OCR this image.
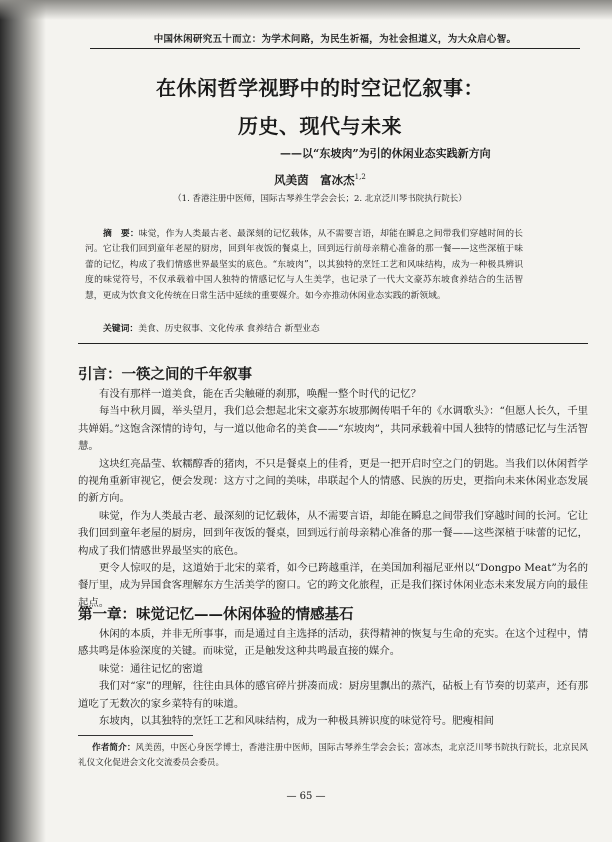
中国休闲研究五十而立：为学术问路，为民生祈福，为社会担道义，为大众启心智。
在休闲哲学视野中的时空记忆叙事：
历史、现代与未来
——以“东坡肉”为引的休闲业态实践新方向
风美茵　富冰杰$^{1,2}$
（1. 香港注册中医师，国际古琴养生学会会长；2. 北京泛川琴书院执行院长）
摘　要：味觉，作为人类最古老、最深刻的记忆载体，从不需要言语，却能在瞬息之间带我们穿越时间的长河。它让我们回到童年老屋的厨房，回到年夜饭的餐桌上，回到远行前母亲精心准备的那一餐——这些深植于味蕾的记忆，构成了我们情感世界最坚实的底色。“东坡肉”，以其独特的烹饪工艺和风味结构，成为一种极具辨识度的味觉符号，不仅承载着中国人独特的情感记忆与人生美学，也记录了一代大文豪苏东坡食养结合的生活智慧，更成为饮食文化传统在日常生活中延续的重要媒介。如今亦推动休闲业态实践的新领域。
关键词：美食、历史叙事、文化传承 食养结合 新型业态
引言：一筷之间的千年叙事

有没有那样一道美食，能在舌尖触碰的刹那，唤醒一整个时代的记忆？

每当中秋月圆，举头望月，我们总会想起北宋文豪苏东坡那阙传唱千年的《水调歌头》：“但愿人长久，千里共婵娟。”这饱含深情的诗句，与一道以他命名的美食——“东坡肉”，共同承载着中国人独特的情感记忆与生活智慧。

这块红亮晶莹、软糯醇香的猪肉，不只是餐桌上的佳肴，更是一把开启时空之门的钥匙。当我们以休闲哲学的视角重新审视它，便会发现：这方寸之间的美味，串联起个人的情感、民族的历史，更指向未来休闲业态发展的新方向。

味觉，作为人类最古老、最深刻的记忆载体，从不需要言语，却能在瞬息之间带我们穿越时间的长河。它让我们回到童年老屋的厨房，回到年夜饭的餐桌，回到远行前母亲精心准备的那一餐——这些深植于味蕾的记忆，构成了我们情感世界最坚实的底色。

更令人惊叹的是，这道始于北宋的菜肴，如今已跨越重洋，在美国加利福尼亚州以“Dongpo Meat”为名的餐厅里，成为异国食客理解东方生活美学的窗口。它的跨文化旅程，正是我们探讨休闲业态未来发展方向的最佳起点。

第一章：味觉记忆——休闲体验的情感基石

休闲的本质，并非无所事事，而是通过自主选择的活动，获得精神的恢复与生命的充实。在这个过程中，情感共鸣是体验深度的关键。而味觉，正是触发这种共鸣最直接的媒介。

味觉：通往记忆的密道

我们对“家”的理解，往往由具体的感官碎片拼凑而成：厨房里飘出的蒸汽，砧板上有节奏的切菜声，还有那道吃了无数次的家乡菜特有的味道。

东坡肉，以其独特的烹饪工艺和风味结构，成为一种极具辨识度的味觉符号。肥瘦相间

作者简介：风美茵，中医心身医学博士，香港注册中医师，国际古琴养生学会会长；富冰杰，北京泛川琴书院执行院长，北京民风礼仪文化促进会文化交流委员会委员。
— 65 —
